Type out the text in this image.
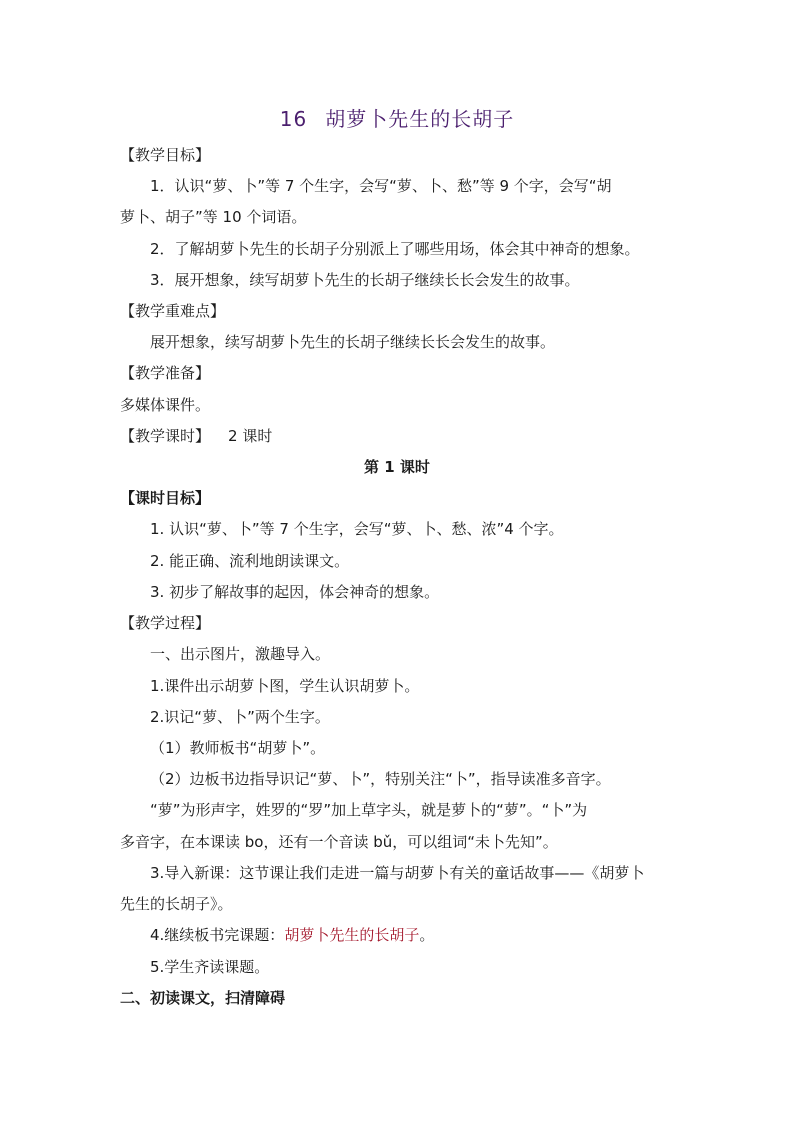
16 胡萝卜先生的长胡子
【教学目标】
1．认识“萝、卜”等 7 个生字，会写“萝、卜、愁”等 9 个字，会写“胡
萝卜、胡子”等 10 个词语。
2．了解胡萝卜先生的长胡子分别派上了哪些用场，体会其中神奇的想象。
3．展开想象，续写胡萝卜先生的长胡子继续长长会发生的故事。
【教学重难点】
展开想象，续写胡萝卜先生的长胡子继续长长会发生的故事。
【教学准备】
多媒体课件。
【教学课时】 2 课时
第 1 课时
【课时目标】
1. 认识“萝、卜”等 7 个生字，会写“萝、卜、愁、浓”4 个字。
2. 能正确、流利地朗读课文。
3. 初步了解故事的起因，体会神奇的想象。
【教学过程】
一、出示图片，激趣导入。
1.课件出示胡萝卜图，学生认识胡萝卜。
2.识记“萝、卜”两个生字。
（1）教师板书“胡萝卜”。
（2）边板书边指导识记“萝、卜”，特别关注“卜”，指导读准多音字。
“萝”为形声字，姓罗的“罗”加上草字头，就是萝卜的“萝”。“卜”为
多音字，在本课读 bo，还有一个音读 bǔ，可以组词“未卜先知”。
3.导入新课：这节课让我们走进一篇与胡萝卜有关的童话故事——《胡萝卜
先生的长胡子》。
4.继续板书完课题：胡萝卜先生的长胡子。
5.学生齐读课题。
二、初读课文，扫清障碍
